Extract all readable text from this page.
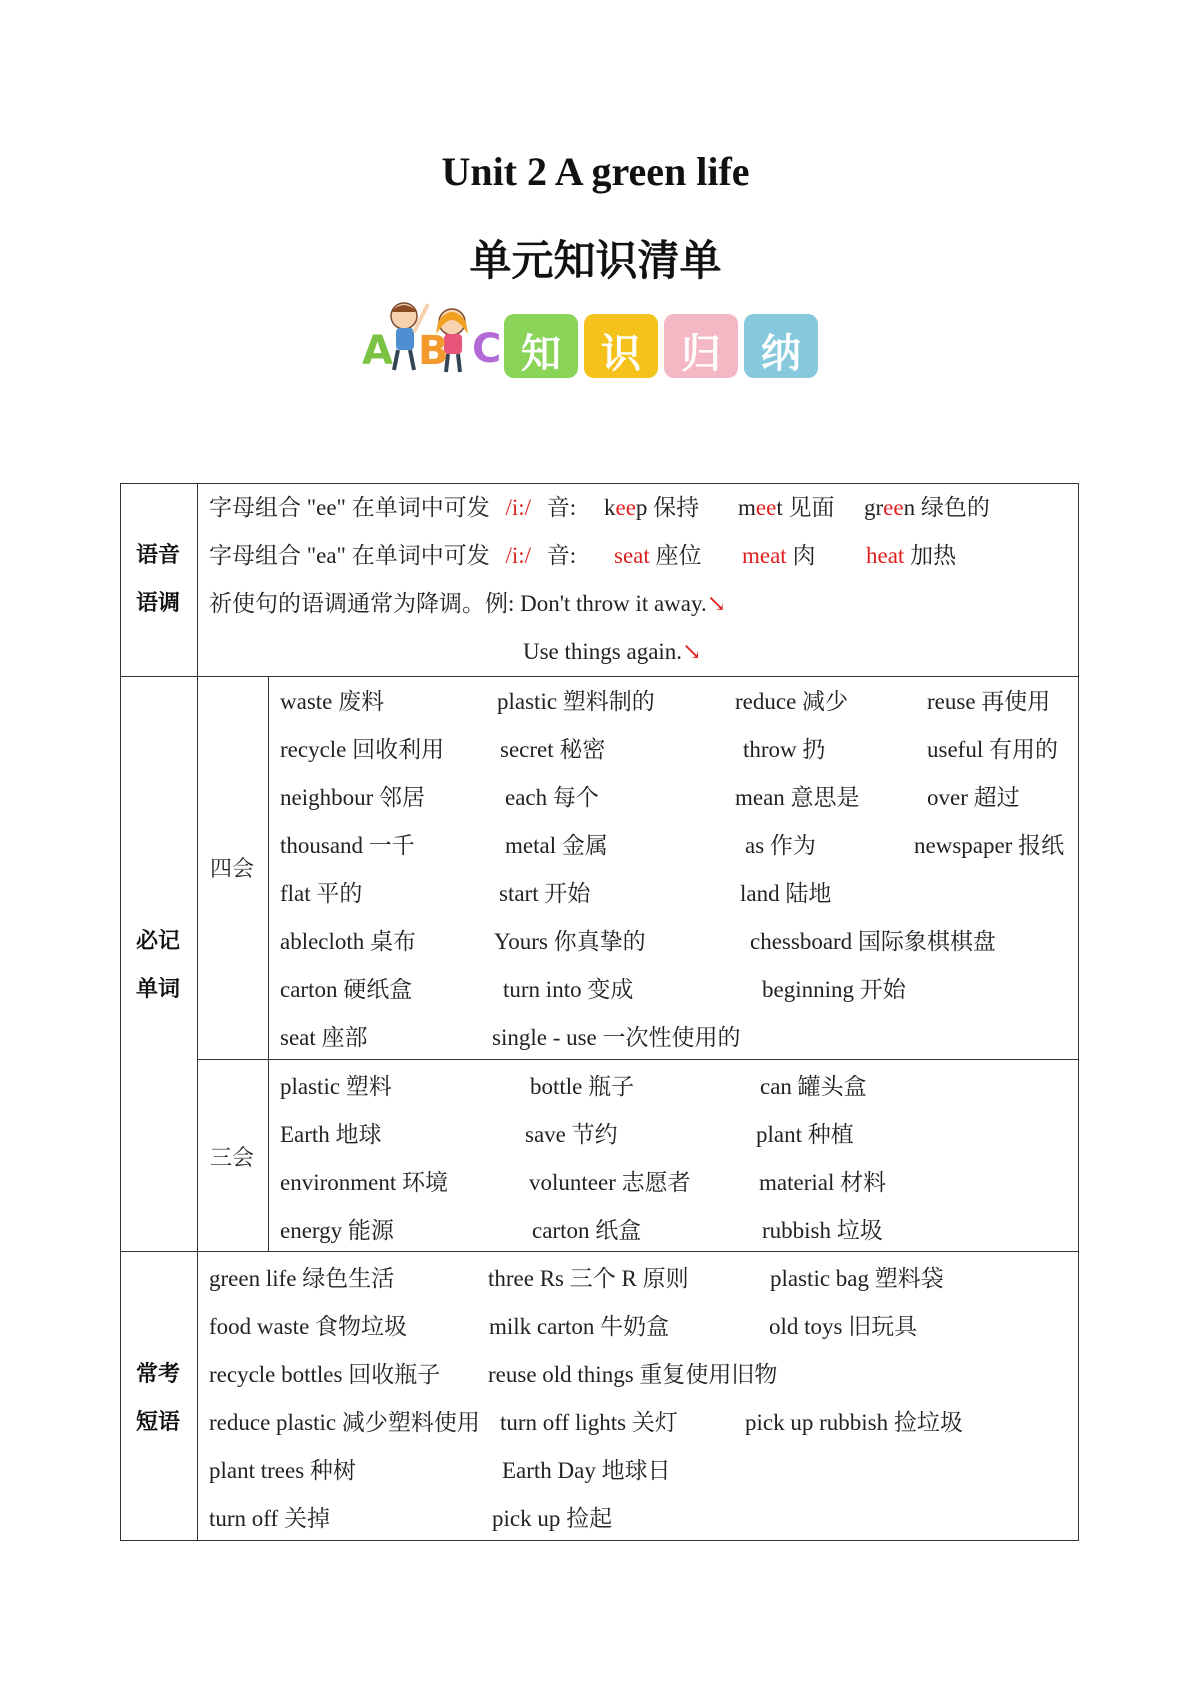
Unit 2 A green life
单元知识清单
A B C 知	识	归	纳
语音
语调
字母组合 "ee" 在单词中可发 /i:/ 音: keep 保持 meet 见面 green 绿色的
字母组合 "ea" 在单词中可发 /i:/ 音: seat 座位 meat 肉 heat 加热
祈使句的语调通常为降调。例: Don't throw it away.↘
Use things again.↘
必记
单词
四会
三会
waste 废料	plastic 塑料制的	reduce 减少	reuse 再使用
recycle 回收利用 secret 秘密	throw 扔	useful 有用的
neighbour 邻居	each 每个	mean 意思是	over 超过
thousand 一千	metal 金属	as 作为	newspaper 报纸
flat 平的	start 开始	land 陆地
ablecloth 桌布	Yours 你真挚的	chessboard 国际象棋棋盘
carton 硬纸盒	turn into 变成	beginning 开始
seat 座部	single - use 一次性使用的
plastic 塑料	bottle 瓶子	can 罐头盒
Earth 地球	save 节约	plant 种植
environment 环境	volunteer 志愿者	material 材料
energy 能源	carton 纸盒	rubbish 垃圾
常考
短语
green life 绿色生活	three Rs 三个 R 原则	plastic bag 塑料袋
food waste 食物垃圾	milk carton 牛奶盒	old toys 旧玩具
recycle bottles 回收瓶子 reuse old things 重复使用旧物
reduce plastic 减少塑料使用 turn off lights 关灯	pick up rubbish 捡垃圾
plant trees 种树	Earth Day 地球日
turn off 关掉	pick up 捡起
